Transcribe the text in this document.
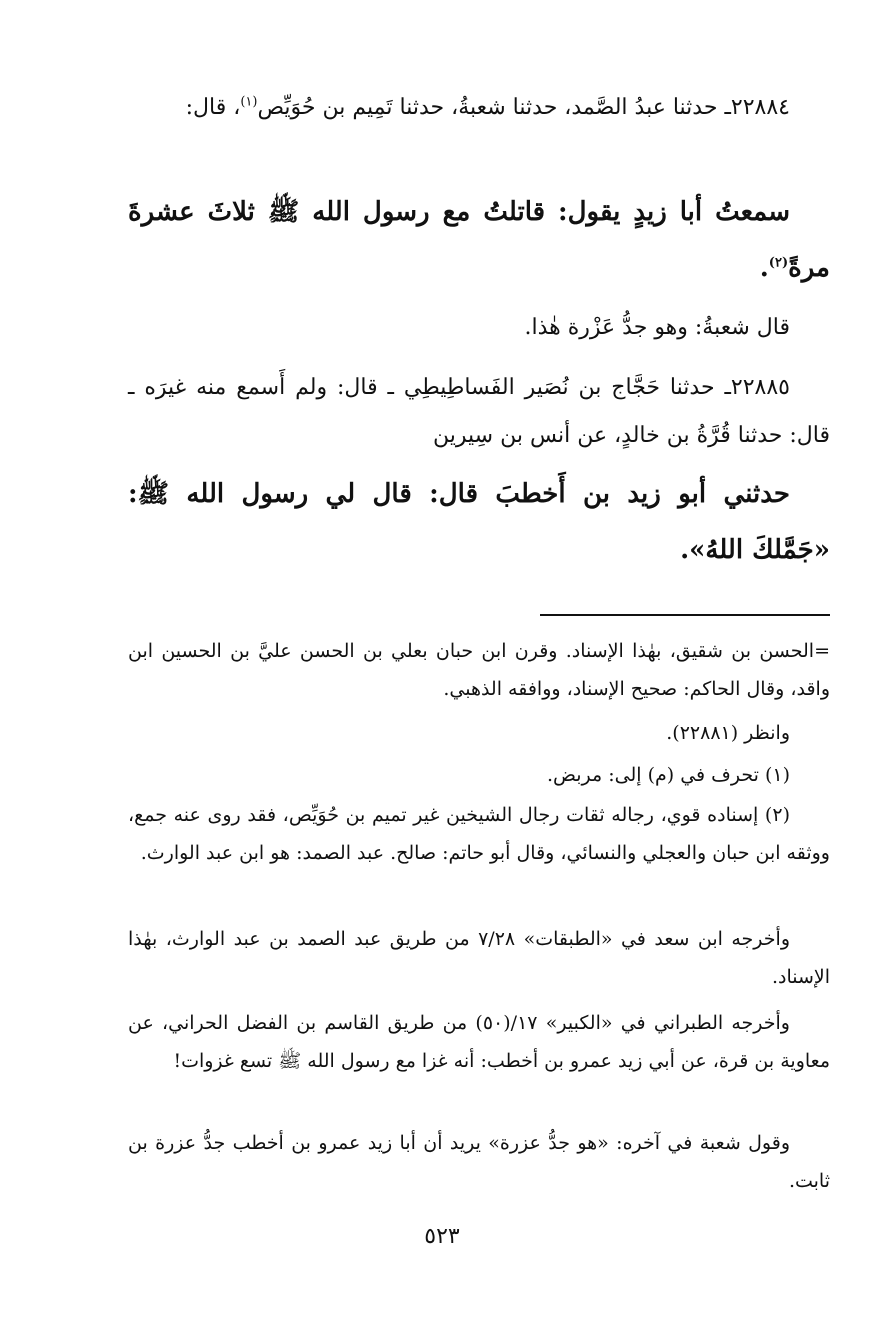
٢٢٨٨٤ـ حدثنا عبدُ الصَّمد، حدثنا شعبةُ، حدثنا تَمِيم بن حُوَيِّص$^{(١)}$، قال:

سمعتُ أبا زيدٍ يقول: قاتلتُ مع رسول الله ﷺ ثلاثَ عشرةَ مرةً$^{(٢)}$.

قال شعبةُ: وهو جدُّ عَزْرة هٰذا.

٢٢٨٨٥ـ حدثنا حَجَّاج بن نُصَير الفَساطِيطِي ـ قال: ولم أَسمع منه غيرَه ـ قال: حدثنا قُرَّةُ بن خالدٍ، عن أنس بن سِيرين

حدثني أبو زيد بن أَخطبَ قال: قال لي رسول الله ﷺ: «جَمَّلكَ اللهُ».

=الحسن بن شقيق، بهٰذا الإسناد. وقرن ابن حبان بعلي بن الحسن عليَّ بن الحسين ابن واقد، وقال الحاكم: صحيح الإسناد، ووافقه الذهبي.

وانظر (٢٢٨٨١).

(١) تحرف في (م) إلى: مربض.

(٢) إسناده قوي، رجاله ثقات رجال الشيخين غير تميم بن حُوَيِّص، فقد روى عنه جمع، ووثقه ابن حبان والعجلي والنسائي، وقال أبو حاتم: صالح. عبد الصمد: هو ابن عبد الوارث.

وأخرجه ابن سعد في «الطبقات» ٧/٢٨ من طريق عبد الصمد بن عبد الوارث، بهٰذا الإسناد.

وأخرجه الطبراني في «الكبير» ١٧/(٥٠) من طريق القاسم بن الفضل الحراني، عن معاوية بن قرة، عن أبي زيد عمرو بن أخطب: أنه غزا مع رسول الله ﷺ تسع غزوات!

وقول شعبة في آخره: «هو جدُّ عزرة» يريد أن أبا زيد عمرو بن أخطب جدُّ عزرة بن ثابت.

٥٢٣
